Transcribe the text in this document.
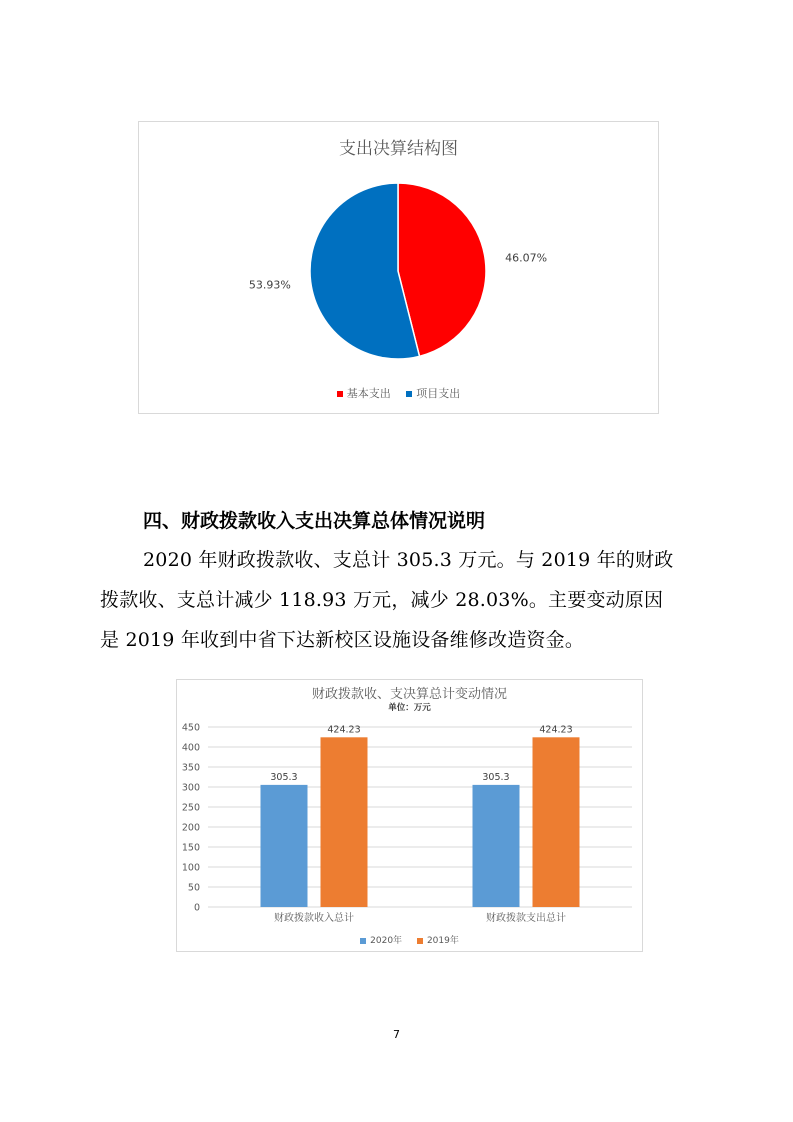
支出决算结构图
46.07%
53.93%
基本支出 项目支出
四、财政拨款收入支出决算总体情况说明
2020 年财政拨款收、支总计 305.3 万元。与 2019 年的财政
拨款收、支总计减少 118.93 万元，减少 28.03%。主要变动原因
是 2019 年收到中省下达新校区设施设备维修改造资金。
财政拨款收、支决算总计变动情况
单位：万元
0
50
100
150
200
250
300
350
400
450
305.3
424.23
财政拨款收入总计
305.3
424.23
财政拨款支出总计
2020年	2019年
7
